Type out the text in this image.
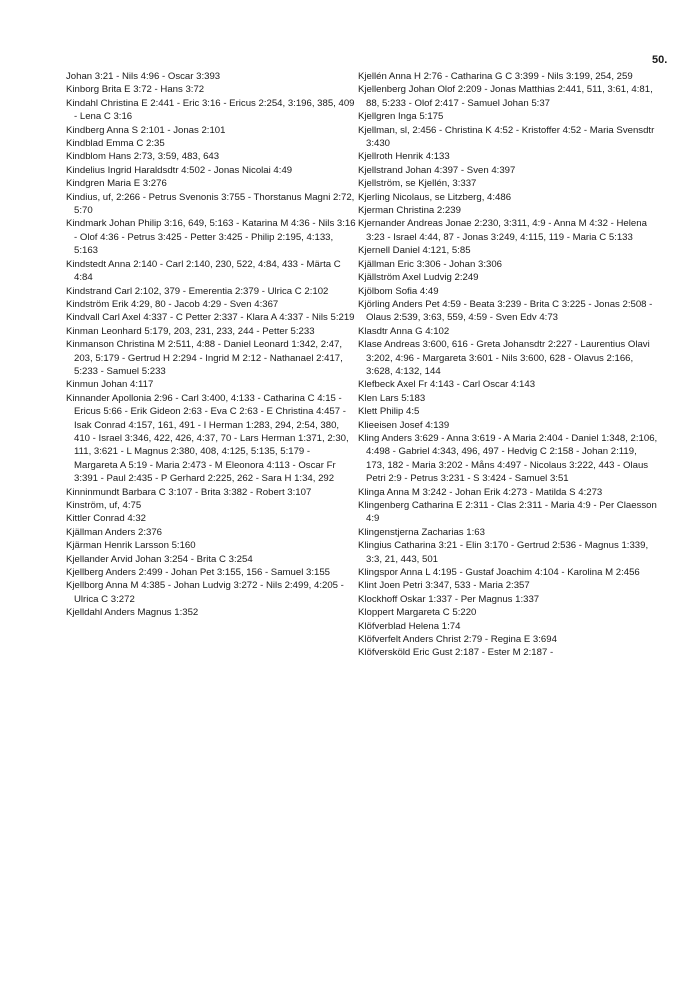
50.
Johan 3:21 - Nils 4:96 - Oscar 3:393
Kinborg Brita E 3:72 - Hans 3:72
Kindahl Christina E 2:441 - Eric 3:16 - Ericus 2:254, 3:196, 385, 409 - Lena C 3:16
Kindberg Anna S 2:101 - Jonas 2:101
Kindblad Emma C 2:35
Kindblom Hans 2:73, 3:59, 483, 643
Kindelius Ingrid Haraldsdtr 4:502 - Jonas Nicolai 4:49
Kindgren Maria E 3:276
Kindius, uf, 2:266 - Petrus Svenonis 3:755 - Thorstanus Magni 2:72, 5:70
Kindmark Johan Philip 3:16, 649, 5:163 - Katarina M 4:36 - Nils 3:16 - Olof 4:36 - Petrus 3:425 - Petter 3:425 - Philip 2:195, 4:133, 5:163
Kindstedt Anna 2:140 - Carl 2:140, 230, 522, 4:84, 433 - Märta C 4:84
Kindstrand Carl 2:102, 379 - Emerentia 2:379 - Ulrica C 2:102
Kindström Erik 4:29, 80 - Jacob 4:29 - Sven 4:367
Kindvall Carl Axel 4:337 - C Petter 2:337 - Klara A 4:337 - Nils 5:219
Kinman Leonhard 5:179, 203, 231, 233, 244 - Petter 5:233
Kinmanson Christina M 2:511, 4:88 - Daniel Leonard 1:342, 2:47, 203, 5:179 - Gertrud H 2:294 - Ingrid M 2:12 - Nathanael 2:417, 5:233 - Samuel 5:233
Kinmun Johan 4:117
Kinnander Apollonia 2:96 - Carl 3:400, 4:133 - Catharina C 4:15 - Ericus 5:66 - Erik Gideon 2:63 - Eva C 2:63 - E Christina 4:457 - Isak Conrad 4:157, 161, 491 - I Herman 1:283, 294, 2:54, 380, 410 - Israel 3:346, 422, 426, 4:37, 70 - Lars Herman 1:371, 2:30, 111, 3:621 - L Magnus 2:380, 408, 4:125, 5:135, 5:179 - Margareta A 5:19 - Maria 2:473 - M Eleonora 4:113 - Oscar Fr 3:391 - Paul 2:435 - P Gerhard 2:225, 262 - Sara H 1:34, 292
Kinninmundt Barbara C 3:107 - Brita 3:382 - Robert 3:107
Kinström, uf, 4:75
Kittler Conrad 4:32
Kjällman Anders 2:376
Kjärman Henrik Larsson 5:160
Kjellander Arvid Johan 3:254 - Brita C 3:254
Kjellberg Anders 2:499 - Johan Pet 3:155, 156 - Samuel 3:155
Kjellborg Anna M 4:385 - Johan Ludvig 3:272 - Nils 2:499, 4:205 - Ulrica C 3:272
Kjelldahl Anders Magnus 1:352
Kjellén Anna H 2:76 - Catharina G C 3:399 - Nils 3:199, 254, 259
Kjellenberg Johan Olof 2:209 - Jonas Matthias 2:441, 511, 3:61, 4:81, 88, 5:233 - Olof 2:417 - Samuel Johan 5:37
Kjellgren Inga 5:175
Kjellman, sl, 2:456 - Christina K 4:52 - Kristoffer 4:52 - Maria Svensdtr 3:430
Kjellroth Henrik 4:133
Kjellstrand Johan 4:397 - Sven 4:397
Kjellström, se Kjellén, 3:337
Kjerling Nicolaus, se Litzberg, 4:486
Kjerman Christina 2:239
Kjernander Andreas Jonae 2:230, 3:311, 4:9 - Anna M 4:32 - Helena 3:23 - Israel 4:44, 87 - Jonas 3:249, 4:115, 119 - Maria C 5:133
Kjernell Daniel 4:121, 5:85
Kjällman Eric 3:306 - Johan 3:306
Kjällström Axel Ludvig 2:249
Kjölbom Sofia 4:49
Kjörling Anders Pet 4:59 - Beata 3:239 - Brita C 3:225 - Jonas 2:508 - Olaus 2:539, 3:63, 559, 4:59 - Sven Edv 4:73
Klasdtr Anna G 4:102
Klase Andreas 3:600, 616 - Greta Johansdtr 2:227 - Laurentius Olavi 3:202, 4:96 - Margareta 3:601 - Nils 3:600, 628 - Olavus 2:166, 3:628, 4:132, 144
Klefbeck Axel Fr 4:143 - Carl Oscar 4:143
Klen Lars 5:183
Klett Philip 4:5
Klieeisen Josef 4:139
Kling Anders 3:629 - Anna 3:619 - A Maria 2:404 - Daniel 1:348, 2:106, 4:498 - Gabriel 4:343, 496, 497 - Hedvig C 2:158 - Johan 2:119, 173, 182 - Maria 3:202 - Måns 4:497 - Nicolaus 3:222, 443 - Olaus Petri 2:9 - Petrus 3:231 - S 3:424 - Samuel 3:51
Klinga Anna M 3:242 - Johan Erik 4:273 - Matilda S 4:273
Klingenberg Catharina E 2:311 - Clas 2:311 - Maria 4:9 - Per Claesson 4:9
Klingenstjerna Zacharias 1:63
Klingius Catharina 3:21 - Elin 3:170 - Gertrud 2:536 - Magnus 1:339, 3:3, 21, 443, 501
Klingspor Anna L 4:195 - Gustaf Joachim 4:104 - Karolina M 2:456
Klint Joen Petri 3:347, 533 - Maria 2:357
Klockhoff Oskar 1:337 - Per Magnus 1:337
Kloppert Margareta C 5:220
Klöfverblad Helena 1:74
Klöfverfelt Anders Christ 2:79 - Regina E 3:694
Klöfversköld Eric Gust 2:187 - Ester M 2:187 -
